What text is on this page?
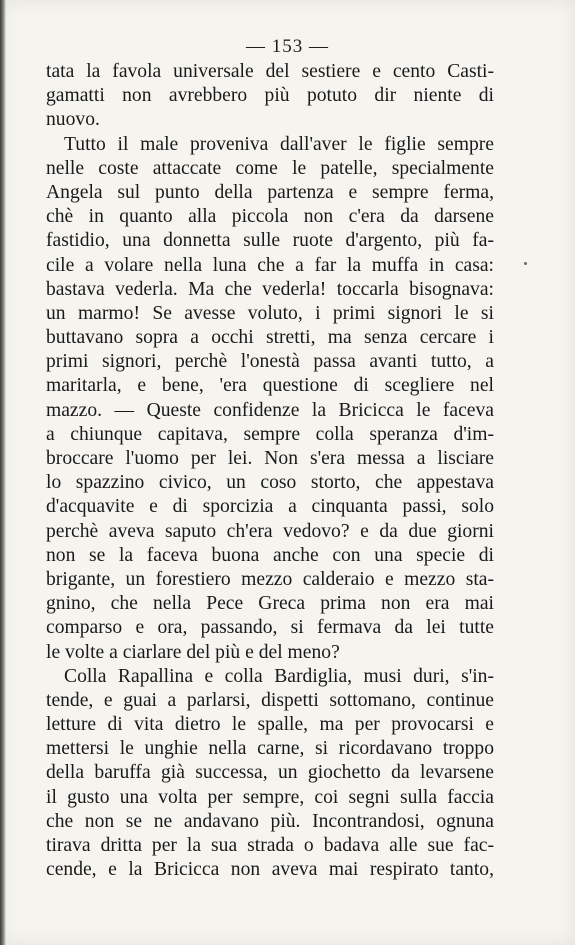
— 153 —
tata la favola universale del sestiere e cento Casti-
gamatti non avrebbero più potuto dir niente di
nuovo.
Tutto il male proveniva dall'aver le figlie sempre
nelle coste attaccate come le patelle, specialmente
Angela sul punto della partenza e sempre ferma,
chè in quanto alla piccola non c'era da darsene
fastidio, una donnetta sulle ruote d'argento, più fa-
cile a volare nella luna che a far la muffa in casa:
bastava vederla. Ma che vederla! toccarla bisognava:
un marmo! Se avesse voluto, i primi signori le si
buttavano sopra a occhi stretti, ma senza cercare i
primi signori, perchè l'onestà passa avanti tutto, a
maritarla, e bene, 'era questione di scegliere nel
mazzo. — Queste confidenze la Bricicca le faceva
a chiunque capitava, sempre colla speranza d'im-
broccare l'uomo per lei. Non s'era messa a lisciare
lo spazzino civico, un coso storto, che appestava
d'acquavite e di sporcizia a cinquanta passi, solo
perchè aveva saputo ch'era vedovo? e da due giorni
non se la faceva buona anche con una specie di
brigante, un forestiero mezzo calderaio e mezzo sta-
gnino, che nella Pece Greca prima non era mai
comparso e ora, passando, si fermava da lei tutte
le volte a ciarlare del più e del meno?
Colla Rapallina e colla Bardiglia, musi duri, s'in-
tende, e guai a parlarsi, dispetti sottomano, continue
letture di vita dietro le spalle, ma per provocarsi e
mettersi le unghie nella carne, si ricordavano troppo
della baruffa già successa, un giochetto da levarsene
il gusto una volta per sempre, coi segni sulla faccia
che non se ne andavano più. Incontrandosi, ognuna
tirava dritta per la sua strada o badava alle sue fac-
cende, e la Bricicca non aveva mai respirato tanto,
